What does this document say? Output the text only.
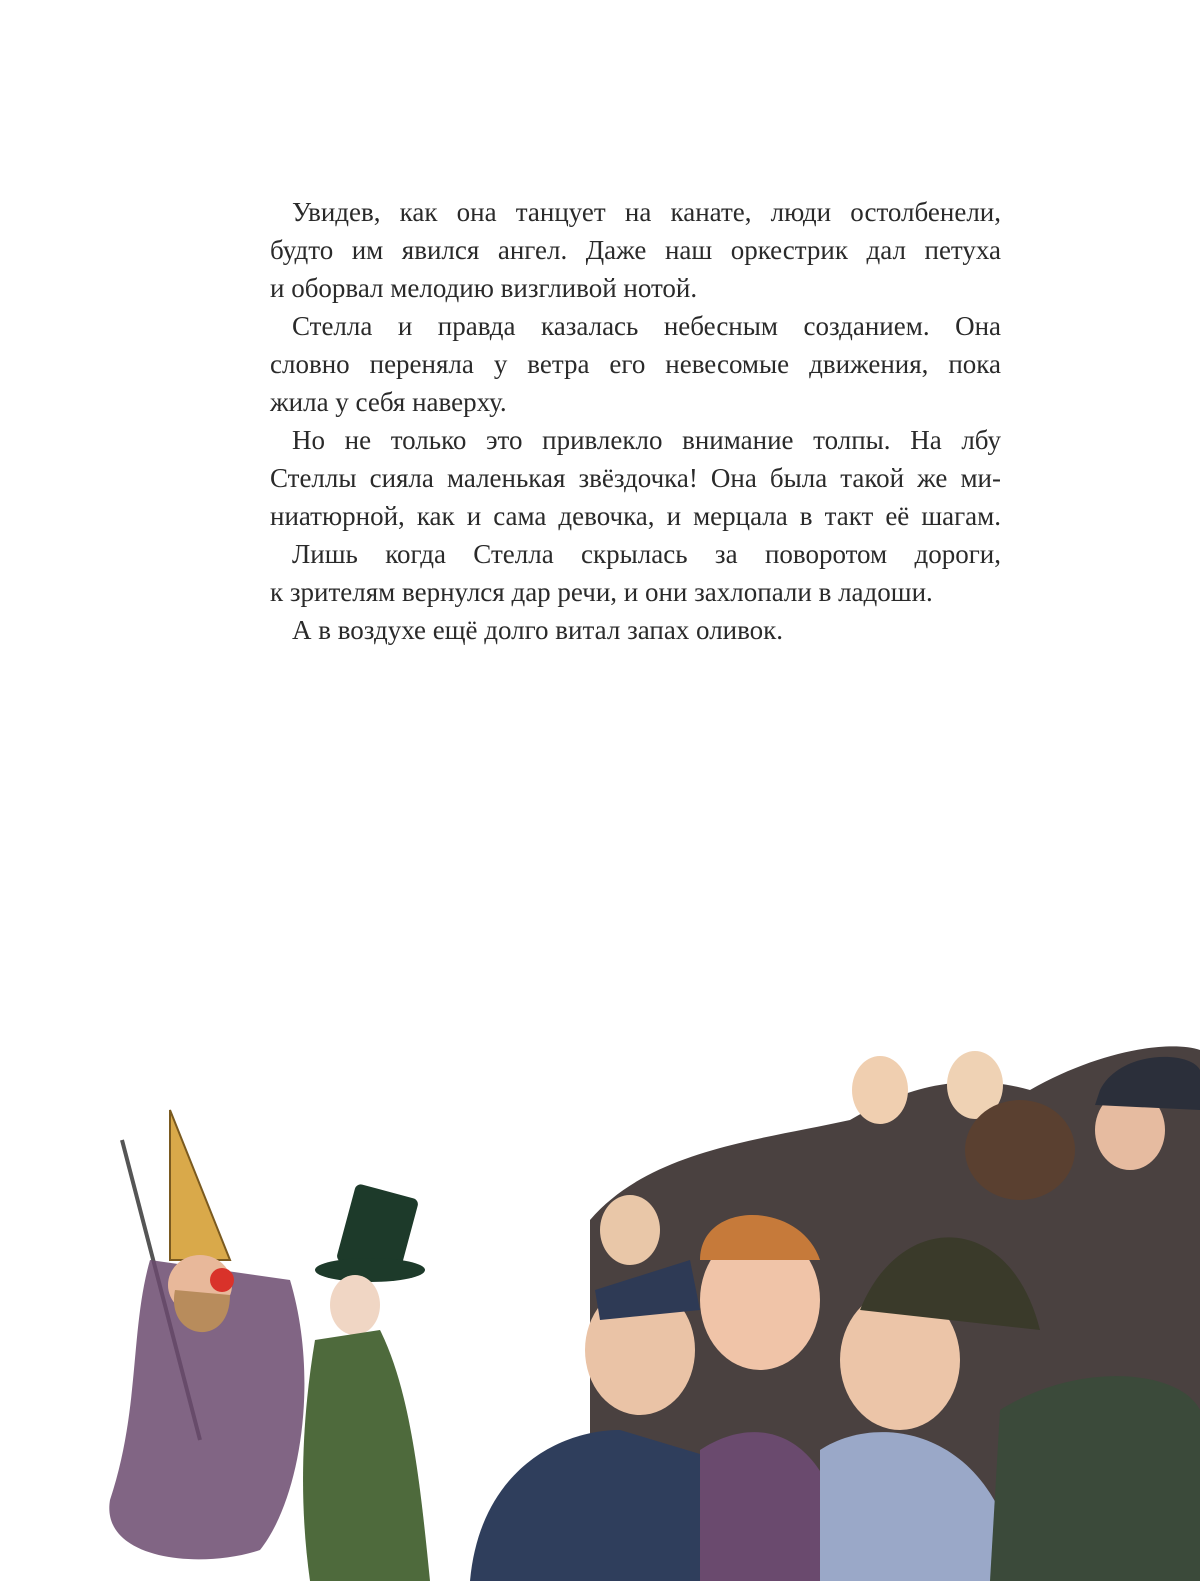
Увидев, как она танцует на канате, люди остолбенели,
будто им явился ангел. Даже наш оркестрик дал петуха
и оборвал мелодию визгливой нотой.
Стелла и правда казалась небесным созданием. Она
словно переняла у ветра его невесомые движения, пока
жила у себя наверху.
Но не только это привлекло внимание толпы. На лбу
Стеллы сияла маленькая звёздочка! Она была такой же ми-
ниатюрной, как и сама девочка, и мерцала в такт её шагам.
Лишь когда Стелла скрылась за поворотом дороги,
к зрителям вернулся дар речи, и они захлопали в ладоши.
А в воздухе ещё долго витал запах оливок.
